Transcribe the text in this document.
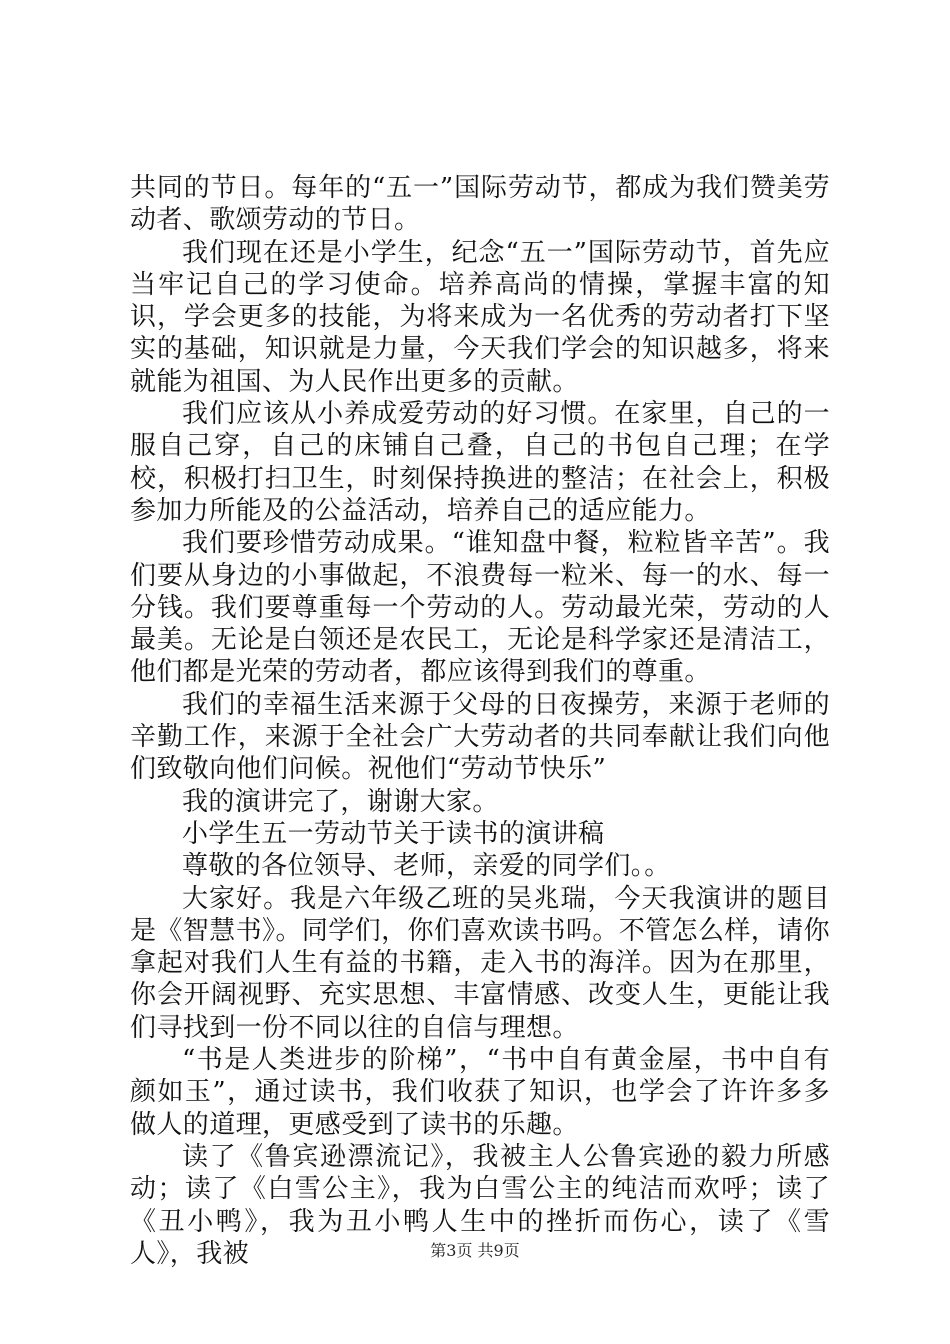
共同的节日。每年的“五一”国际劳动节，都成为我们赞美劳动者、歌颂劳动的节日。

我们现在还是小学生，纪念“五一”国际劳动节，首先应当牢记自己的学习使命。培养高尚的情操，掌握丰富的知识，学会更多的技能，为将来成为一名优秀的劳动者打下坚实的基础，知识就是力量，今天我们学会的知识越多，将来就能为祖国、为人民作出更多的贡献。

我们应该从小养成爱劳动的好习惯。在家里，自己的一服自己穿，自己的床铺自己叠，自己的书包自己理；在学校，积极打扫卫生，时刻保持换进的整洁；在社会上，积极参加力所能及的公益活动，培养自己的适应能力。

我们要珍惜劳动成果。“谁知盘中餐，粒粒皆辛苦”。我们要从身边的小事做起，不浪费每一粒米、每一的水、每一分钱。我们要尊重每一个劳动的人。劳动最光荣，劳动的人最美。无论是白领还是农民工，无论是科学家还是清洁工，他们都是光荣的劳动者，都应该得到我们的尊重。

我们的幸福生活来源于父母的日夜操劳，来源于老师的辛勤工作，来源于全社会广大劳动者的共同奉献让我们向他们致敬向他们问候。祝他们“劳动节快乐”

我的演讲完了，谢谢大家。

小学生五一劳动节关于读书的演讲稿

尊敬的各位领导、老师，亲爱的同学们。。

大家好。我是六年级乙班的吴兆瑞，今天我演讲的题目是《智慧书》。同学们，你们喜欢读书吗。不管怎么样，请你拿起对我们人生有益的书籍，走入书的海洋。因为在那里，你会开阔视野、充实思想、丰富情感、改变人生，更能让我们寻找到一份不同以往的自信与理想。

“书是人类进步的阶梯”，“书中自有黄金屋，书中自有颜如玉”，通过读书，我们收获了知识，也学会了许许多多做人的道理，更感受到了读书的乐趣。

读了《鲁宾逊漂流记》，我被主人公鲁宾逊的毅力所感动；读了《白雪公主》，我为白雪公主的纯洁而欢呼；读了《丑小鸭》，我为丑小鸭人生中的挫折而伤心，读了《雪人》，我被	第3页 共9页
